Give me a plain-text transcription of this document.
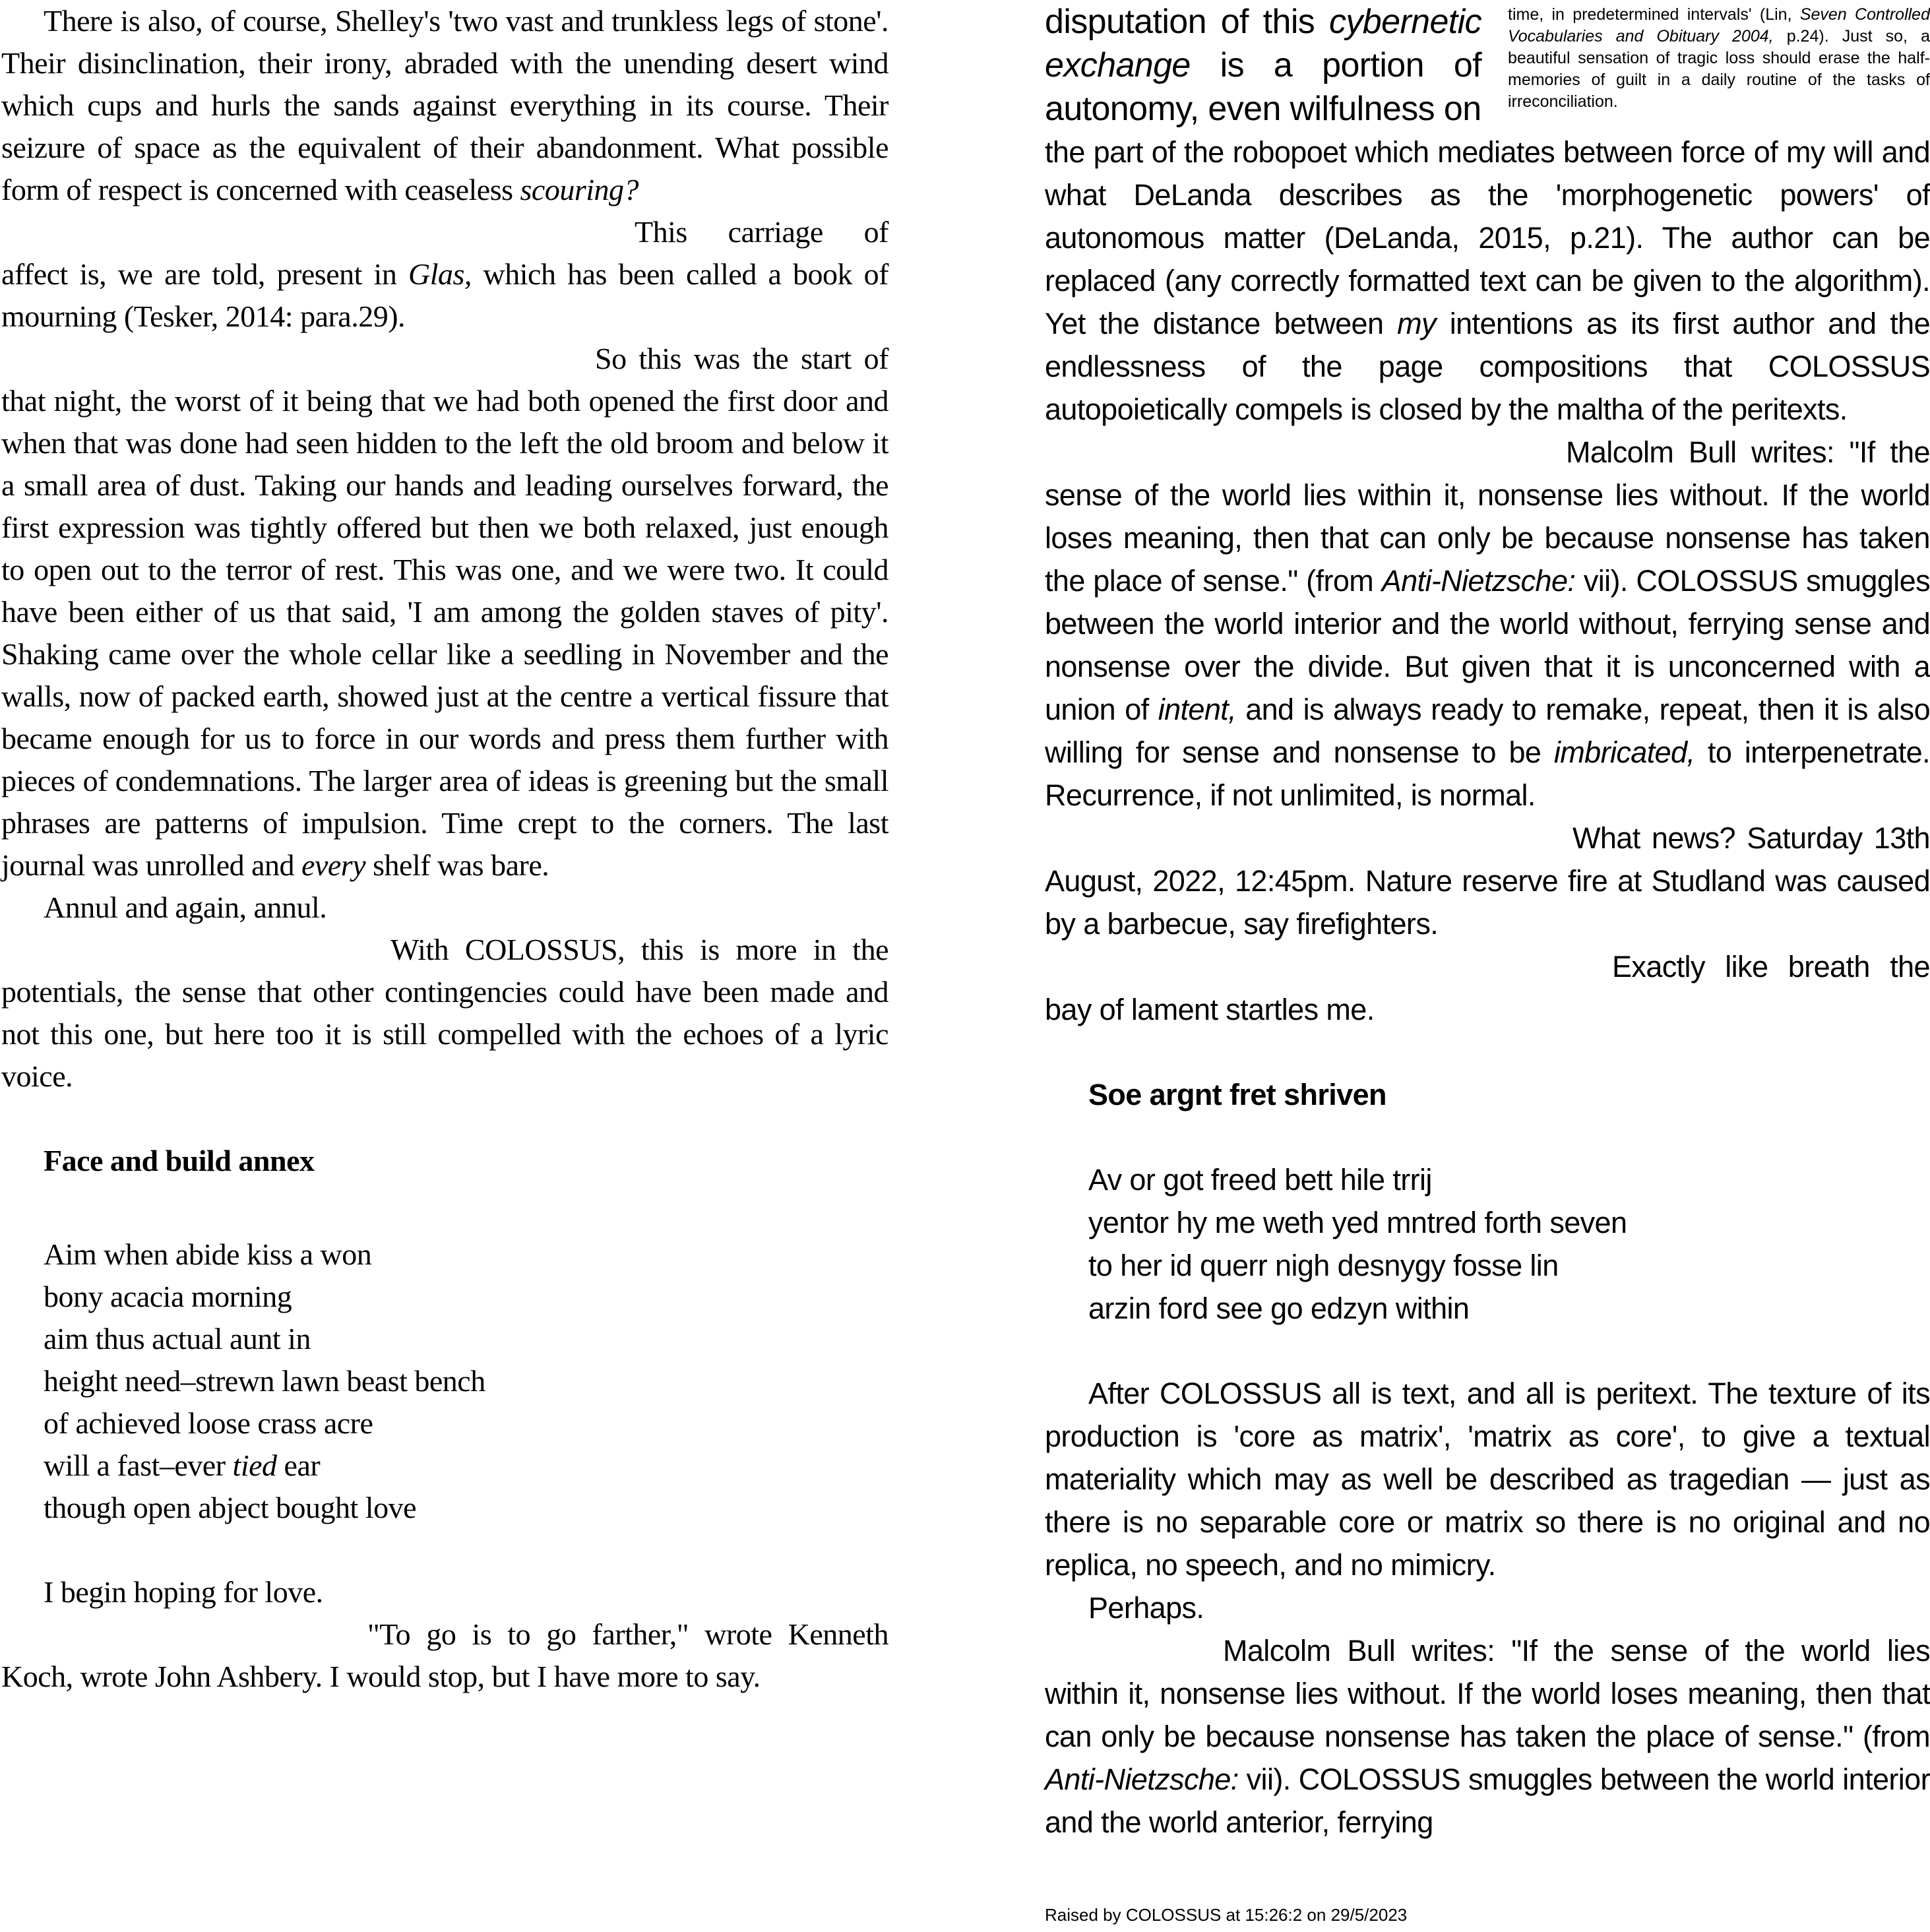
There is also, of course, Shelley's 'two vast and trunkless legs of stone'. Their disinclination, their irony, abraded with the unending desert wind which cups and hurls the sands against everything in its course. Their seizure of space as the equivalent of their abandonment. What possible form of respect is concerned with ceaseless scouring?

This carriage of affect is, we are told, present in Glas, which has been called a book of mourning (Tesker, 2014: para.29).

So this was the start of that night, the worst of it being that we had both opened the first door and when that was done had seen hidden to the left the old broom and below it a small area of dust. Taking our hands and leading ourselves forward, the first expression was tightly offered but then we both relaxed, just enough to open out to the terror of rest. This was one, and we were two. It could have been either of us that said, 'I am among the golden staves of pity'. Shaking came over the whole cellar like a seedling in November and the walls, now of packed earth, showed just at the centre a vertical fissure that became enough for us to force in our words and press them further with pieces of condemnations. The larger area of ideas is greening but the small phrases are patterns of impulsion. Time crept to the corners. The last journal was unrolled and every shelf was bare.

Annul and again, annul.

With COLOSSUS, this is more in the potentials, the sense that other contingencies could have been made and not this one, but here too it is still compelled with the echoes of a lyric voice.

Face and build annex

Aim when abide kiss a won
bony acacia morning
aim thus actual aunt in
height need–strewn lawn beast bench
of achieved loose crass acre
will a fast–ever tied ear
though open abject bought love

I begin hoping for love.

"To go is to go farther," wrote Kenneth Koch, wrote John Ashbery. I would stop, but I have more to say.

time, in predetermined intervals' (Lin, Seven Controlled Vocabularies and Obituary 2004, p.24). Just so, a beautiful sensation of tragic loss should erase the half-memories of guilt in a daily routine of the tasks of irreconciliation.
disputation of this cybernetic exchange is a portion of autonomy, even wilfulness on

the part of the robopoet which mediates between force of my will and what DeLanda describes as the 'morphogenetic powers' of autonomous matter (DeLanda, 2015, p.21). The author can be replaced (any correctly formatted text can be given to the algorithm). Yet the distance between my intentions as its first author and the endlessness of the page compositions that COLOSSUS autopoietically compels is closed by the maltha of the peritexts.

Malcolm Bull writes: "If the sense of the world lies within it, nonsense lies without. If the world loses meaning, then that can only be because nonsense has taken the place of sense." (from Anti-Nietzsche: vii). COLOSSUS smuggles between the world interior and the world without, ferrying sense and nonsense over the divide. But given that it is unconcerned with a union of intent, and is always ready to remake, repeat, then it is also willing for sense and nonsense to be imbricated, to interpenetrate. Recurrence, if not unlimited, is normal.

What news? Saturday 13th August, 2022, 12:45pm. Nature reserve fire at Studland was caused by a barbecue, say firefighters.

Exactly like breath the bay of lament startles me.

Soe argnt fret shriven

Av or got freed bett hile trrij
yentor hy me weth yed mntred forth seven
to her id querr nigh desnygy fosse lin
arzin ford see go edzyn within

After COLOSSUS all is text, and all is peritext. The texture of its production is 'core as matrix', 'matrix as core', to give a textual materiality which may as well be described as tragedian — just as there is no separable core or matrix so there is no original and no replica, no speech, and no mimicry.

Perhaps.

Malcolm Bull writes: "If the sense of the world lies within it, nonsense lies without. If the world loses meaning, then that can only be because nonsense has taken the place of sense." (from Anti-Nietzsche: vii). COLOSSUS smuggles between the world interior and the world anterior, ferrying

Raised by COLOSSUS at 15:26:2 on 29/5/2023
